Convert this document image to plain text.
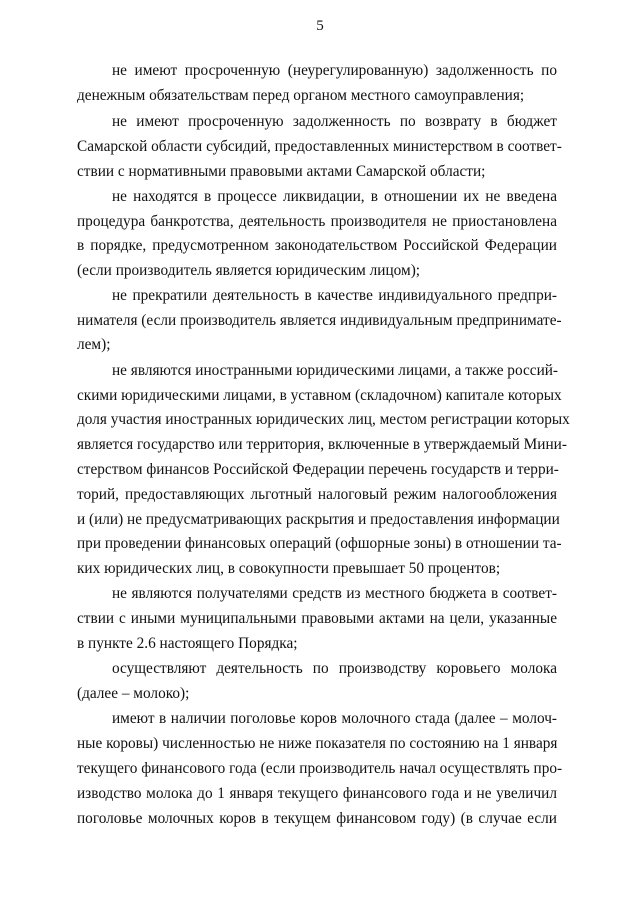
5
не имеют просроченную (неурегулированную) задолженность по
денежным обязательствам перед органом местного самоуправления;
не имеют просроченную задолженность по возврату в бюджет
Самарской области субсидий, предоставленных министерством в соответ-
ствии с нормативными правовыми актами Самарской области;
не находятся в процессе ликвидации, в отношении их не введена
процедура банкротства, деятельность производителя не приостановлена
в порядке, предусмотренном законодательством Российской Федерации
(если производитель является юридическим лицом);
не прекратили деятельность в качестве индивидуального предпри-
нимателя (если производитель является индивидуальным предпринимате-
лем);
не являются иностранными юридическими лицами, а также россий-
скими юридическими лицами, в уставном (складочном) капитале которых
доля участия иностранных юридических лиц, местом регистрации которых
является государство или территория, включенные в утверждаемый Мини-
стерством финансов Российской Федерации перечень государств и терри-
торий, предоставляющих льготный налоговый режим налогообложения
и (или) не предусматривающих раскрытия и предоставления информации
при проведении финансовых операций (офшорные зоны) в отношении та-
ких юридических лиц, в совокупности превышает 50 процентов;
не являются получателями средств из местного бюджета в соответ-
ствии с иными муниципальными правовыми актами на цели, указанные
в пункте 2.6 настоящего Порядка;
осуществляют деятельность по производству коровьего молока
(далее – молоко);
имеют в наличии поголовье коров молочного стада (далее – молоч-
ные коровы) численностью не ниже показателя по состоянию на 1 января
текущего финансового года (если производитель начал осуществлять про-
изводство молока до 1 января текущего финансового года и не увеличил
поголовье молочных коров в текущем финансовом году) (в случае если
